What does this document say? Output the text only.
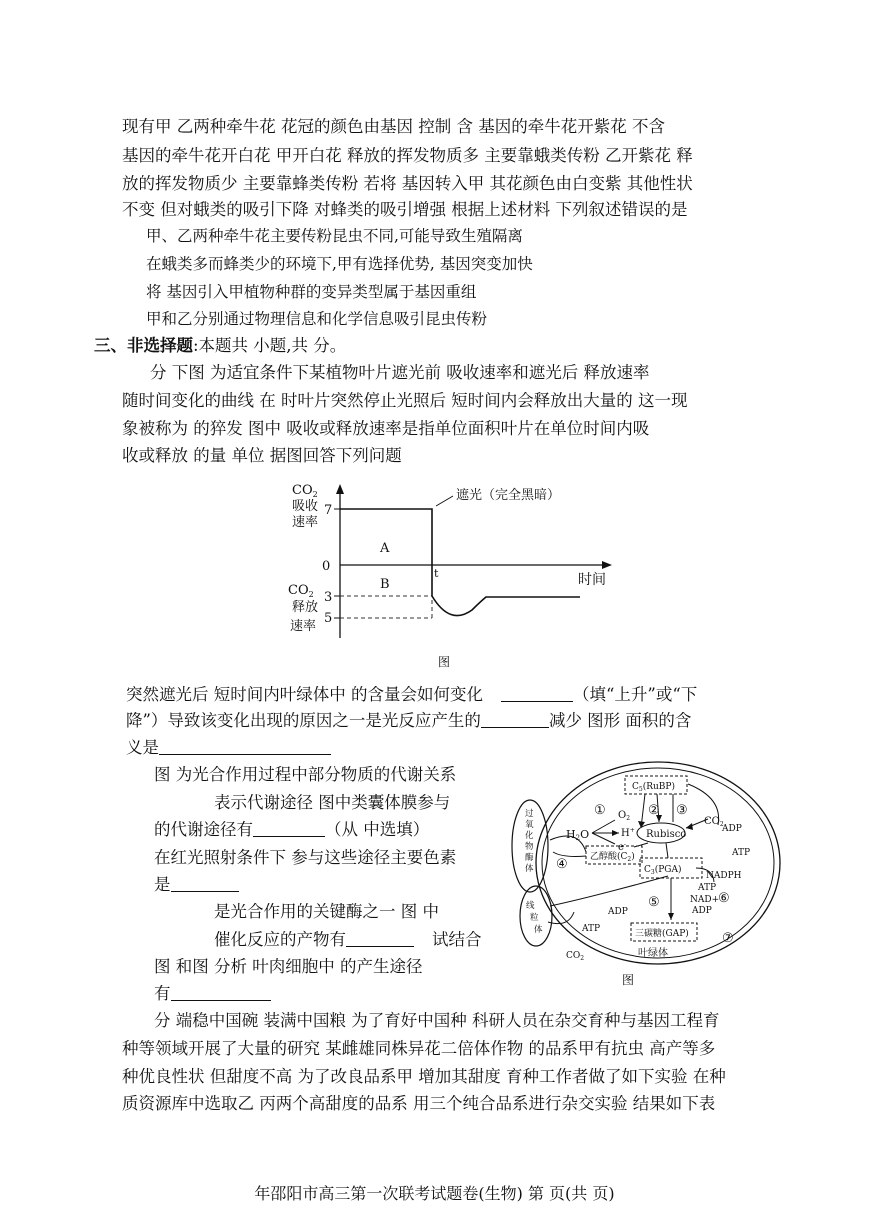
现有甲 乙两种牵牛花 花冠的颜色由基因 控制 含 基因的牵牛花开紫花 不含
基因的牵牛花开白花 甲开白花 释放的挥发物质多 主要靠蛾类传粉 乙开紫花 释
放的挥发物质少 主要靠蜂类传粉 若将 基因转入甲 其花颜色由白变紫 其他性状
不变 但对蛾类的吸引下降 对蜂类的吸引增强 根据上述材料 下列叙述错误的是
甲、乙两种牵牛花主要传粉昆虫不同,可能导致生殖隔离
在蛾类多而蜂类少的环境下,甲有选择优势, 基因突变加快
将 基因引入甲植物种群的变异类型属于基因重组
甲和乙分别通过物理信息和化学信息吸引昆虫传粉
三、非选择题:本题共 小题,共 分。
分 下图 为适宜条件下某植物叶片遮光前 吸收速率和遮光后 释放速率
随时间变化的曲线 在 时叶片突然停止光照后 短时间内会释放出大量的 这一现
象被称为 的猝发 图中 吸收或释放速率是指单位面积叶片在单位时间内吸
收或释放 的量 单位 据图回答下列问题
$CO_2$
吸收
速率
7
0
$CO_2$ 3
释放
5
速率
A
B
t	时间
遮光（完全黑暗）
图
突然遮光后 短时间内叶绿体中 的含量会如何变化	（填“上升”或“下
降”）导致该变化出现的原因之一是光反应产生的	减少 图形 面积的含
义是
图 为光合作用过程中部分物质的代谢关系
表示代谢途径 图中类囊体膜参与
的代谢途径有	（从 中选填）
在红光照射条件下 参与这些途径主要色素
是
是光合作用的关键酶之一 图 中
催化反应的产物有	试结合
图 和图 分析 叶肉细胞中 的产生途径
有
$C_5(RuBP)$
Rubisco
乙醇酸$(C_2)$
$C_3(PGA)$
三碳糖(GAP)
H2O
$O_2$
H+
e-
$CO_2$
ADP
ATP
NADPH
ATP
NAD+
ADP
ADP
ATP
$CO_2$
①	② ③
④
⑤	⑥
⑦
过
氧
化
物
酶
体
线
粒
体
叶绿体
图
分 端稳中国碗 装满中国粮 为了育好中国种 科研人员在杂交育种与基因工程育
种等领域开展了大量的研究 某雌雄同株异花二倍体作物 的品系甲有抗虫 高产等多
种优良性状 但甜度不高 为了改良品系甲 增加其甜度 育种工作者做了如下实验 在种
质资源库中选取乙 丙两个高甜度的品系 用三个纯合品系进行杂交实验 结果如下表
年邵阳市高三第一次联考试题卷(生物) 第 页(共 页)
